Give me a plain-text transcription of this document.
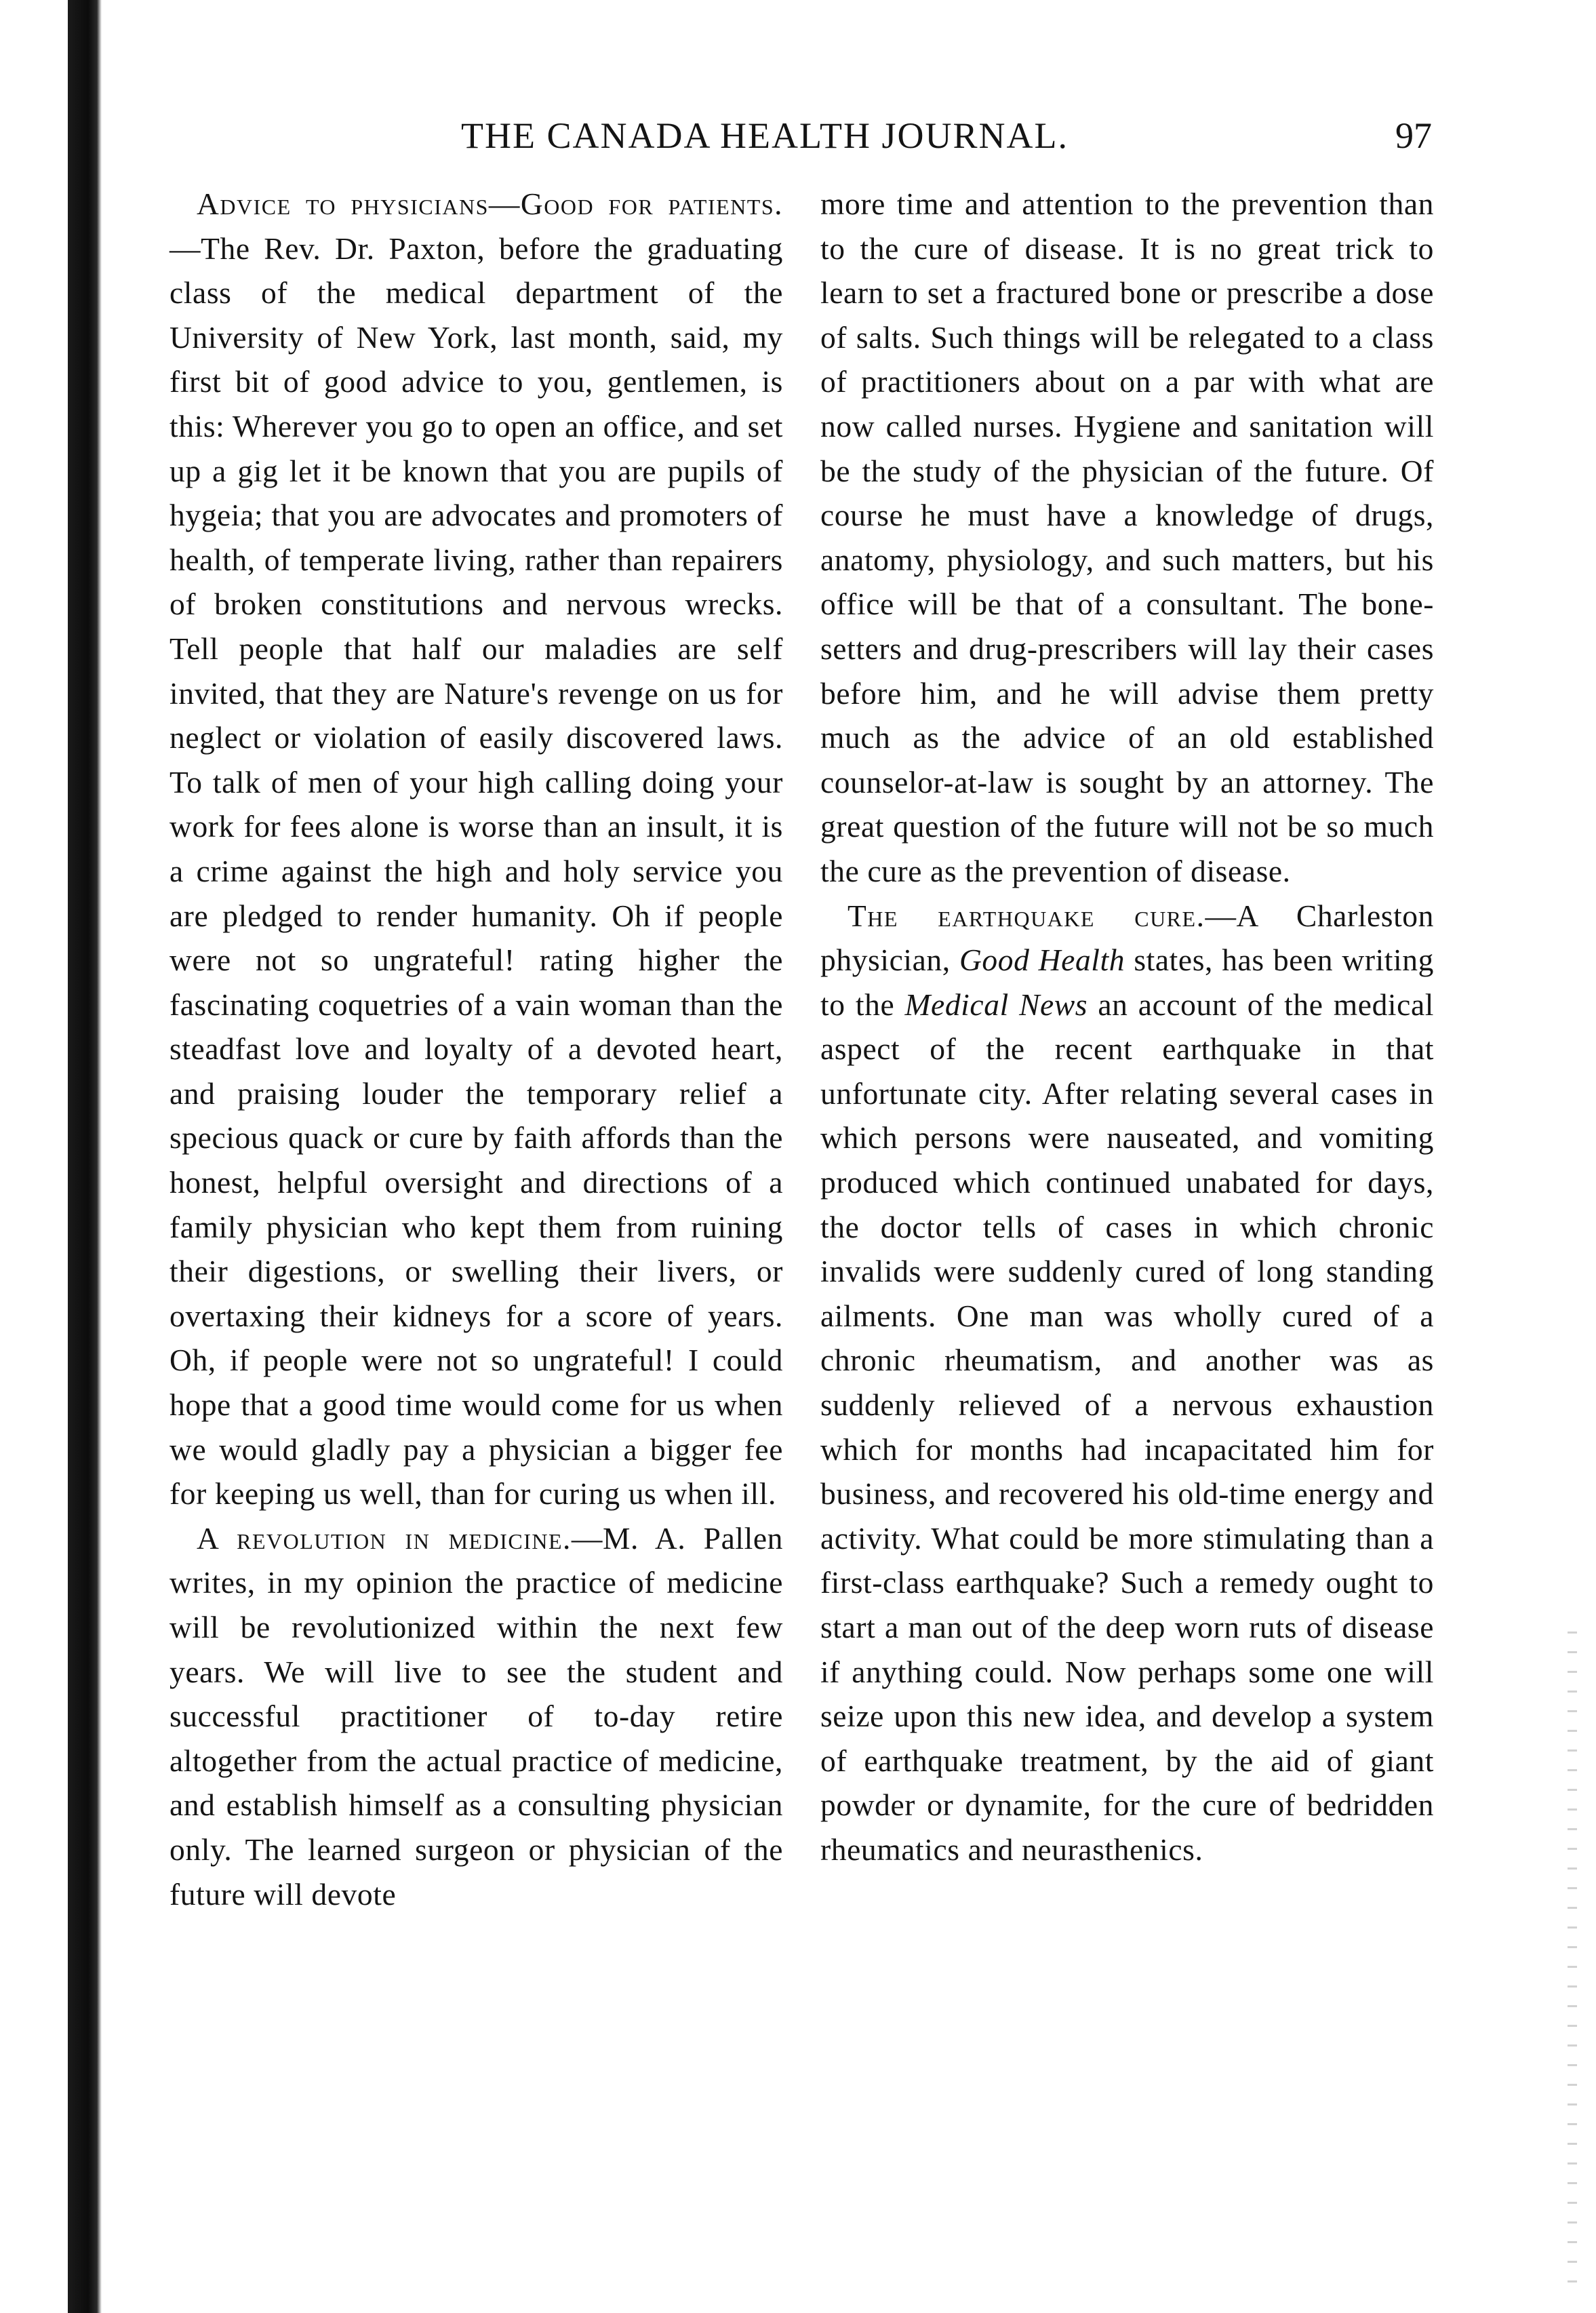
THE CANADA HEALTH JOURNAL.	97

Advice to physicians—Good for patients.—The Rev. Dr. Paxton, before the graduating class of the medical department of the University of New York, last month, said, my first bit of good advice to you, gentlemen, is this: Wherever you go to open an office, and set up a gig let it be known that you are pupils of hygeia; that you are advocates and promoters of health, of temperate living, rather than repairers of broken constitutions and nervous wrecks. Tell people that half our maladies are self invited, that they are Nature's revenge on us for neglect or violation of easily discovered laws. To talk of men of your high calling doing your work for fees alone is worse than an insult, it is a crime against the high and holy service you are pledged to render humanity. Oh if people were not so ungrateful! rating higher the fascinating coquetries of a vain woman than the steadfast love and loyalty of a devoted heart, and praising louder the temporary relief a specious quack or cure by faith affords than the honest, helpful oversight and directions of a family physician who kept them from ruining their digestions, or swelling their livers, or overtaxing their kidneys for a score of years. Oh, if people were not so ungrateful! I could hope that a good time would come for us when we would gladly pay a physician a bigger fee for keeping us well, than for curing us when ill.

A revolution in medicine.—M. A. Pallen writes, in my opinion the practice of medicine will be revolutionized within the next few years. We will live to see the student and successful practitioner of to-day retire altogether from the actual practice of medicine, and establish himself as a consulting physician only. The learned surgeon or physician of the future will devote

more time and attention to the prevention than to the cure of disease. It is no great trick to learn to set a fractured bone or prescribe a dose of salts. Such things will be relegated to a class of practitioners about on a par with what are now called nurses. Hygiene and sanitation will be the study of the physician of the future. Of course he must have a knowledge of drugs, anatomy, physiology, and such matters, but his office will be that of a consultant. The bone-setters and drug-prescribers will lay their cases before him, and he will advise them pretty much as the advice of an old established counselor-at-law is sought by an attorney. The great question of the future will not be so much the cure as the prevention of disease.

The earthquake cure.—A Charleston physician, Good Health states, has been writing to the Medical News an account of the medical aspect of the recent earthquake in that unfortunate city. After relating several cases in which persons were nauseated, and vomiting produced which continued unabated for days, the doctor tells of cases in which chronic invalids were suddenly cured of long standing ailments. One man was wholly cured of a chronic rheumatism, and another was as suddenly relieved of a nervous exhaustion which for months had incapacitated him for business, and recovered his old-time energy and activity. What could be more stimulating than a first-class earthquake? Such a remedy ought to start a man out of the deep worn ruts of disease if anything could. Now perhaps some one will seize upon this new idea, and develop a system of earthquake treatment, by the aid of giant powder or dynamite, for the cure of bedridden rheumatics and neurasthenics.
